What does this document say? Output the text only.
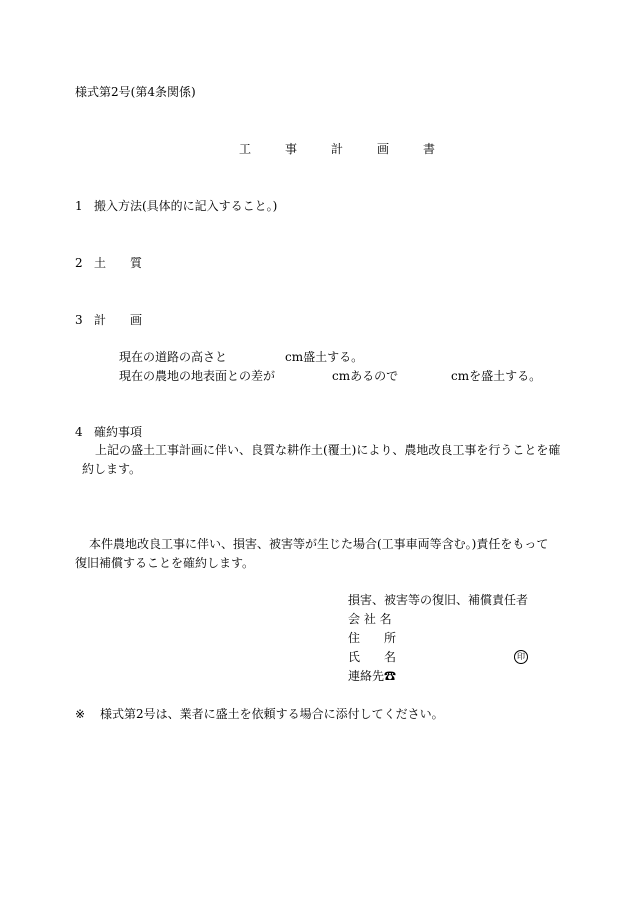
様式第2号(第4条関係)
工	事	計	画	書
1 搬入方法(具体的に記入すること。)
2 土　　質
3 計　　画
現在の道路の高さと	cm盛土する。
現在の農地の地表面との差が	cmあるので	cmを盛土する。
4 確約事項
上記の盛土工事計画に伴い、良質な耕作土(覆土)により、農地改良工事を行うことを確
約します。
本件農地改良工事に伴い、損害、被害等が生じた場合(工事車両等含む。)責任をもって
復旧補償することを確約します。
損害、被害等の復旧、補償責任者
会 社 名
住　　所
氏　　名	印
連絡先☎
※ 様式第2号は、業者に盛土を依頼する場合に添付してください。
